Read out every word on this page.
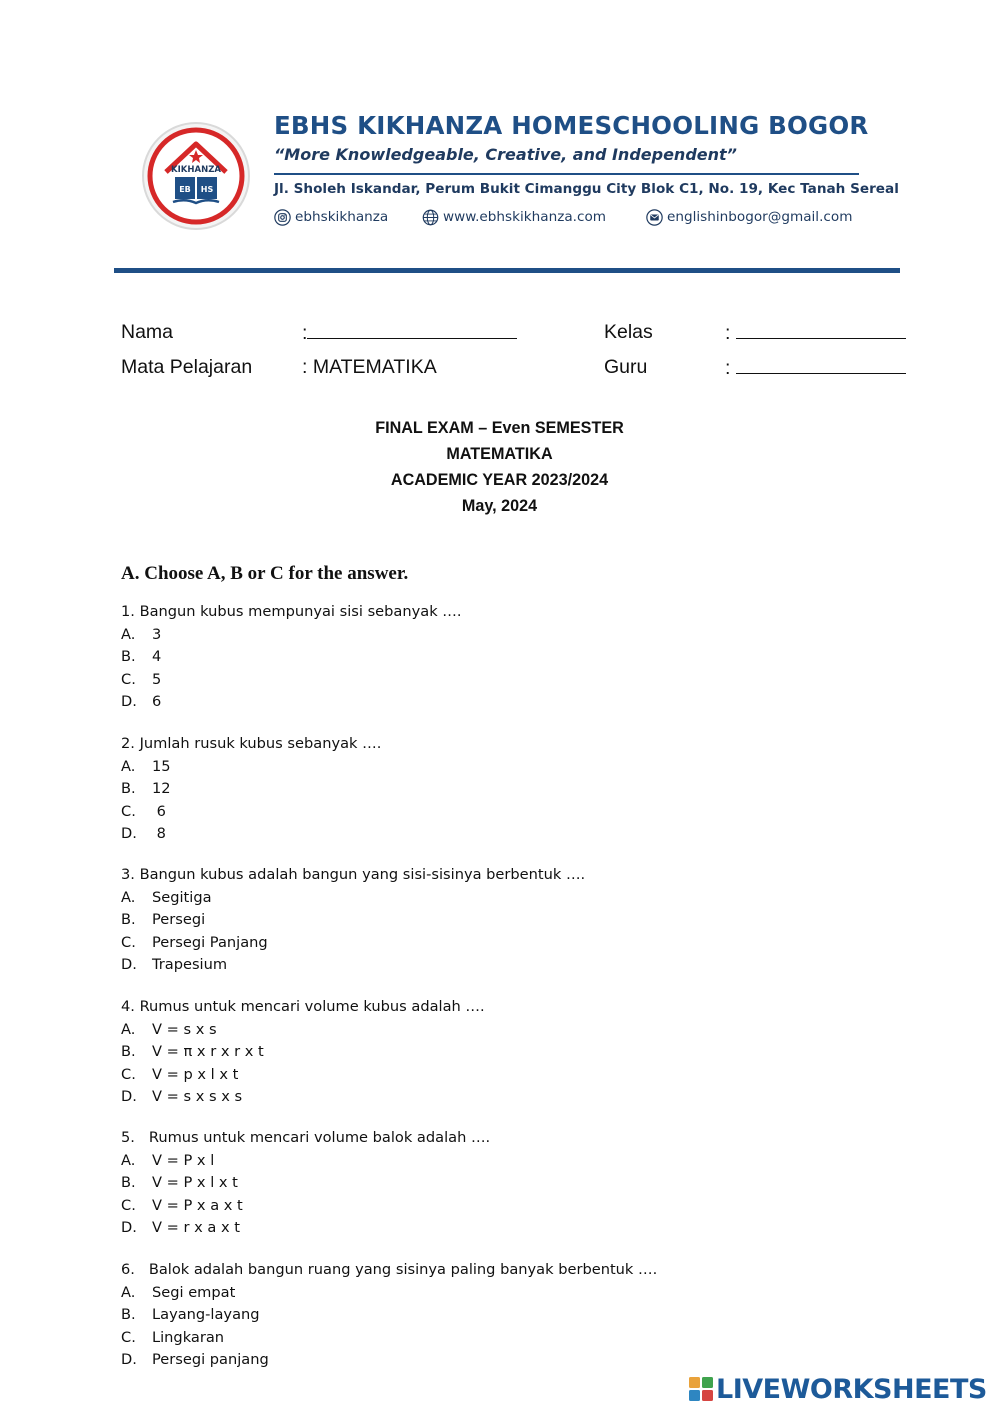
KIKHANZA
EB HS
EBHS KIKHANZA HOMESCHOOLING BOGOR
“More Knowledgeable, Creative, and Independent”
Jl. Sholeh Iskandar, Perum Bukit Cimanggu City Blok C1, No. 19, Kec Tanah Sereal
ebhskikhanza	www.ebhskikhanza.com	englishinbogor@gmail.com
Nama	:	Kelas	:
Mata Pelajaran	: MATEMATIKA	Guru	:
FINAL EXAM – Even SEMESTER
MATEMATIKA
ACADEMIC YEAR 2023/2024
May, 2024
A. Choose A, B or C for the answer.
1. Bangun kubus mempunyai sisi sebanyak ….
A.	3
B.	4
C.	5
D.	6
2. Jumlah rusuk kubus sebanyak ….
A.	15
B.	12
C.	6
D.	8
3. Bangun kubus adalah bangun yang sisi-sisinya berbentuk ….
A.	Segitiga
B.	Persegi
C.	Persegi Panjang
D.	Trapesium
4. Rumus untuk mencari volume kubus adalah ….
A.	V = s x s
B.	V = π x r x r x t
C.	V = p x l x t
D.	V = s x s x s
5.   Rumus untuk mencari volume balok adalah ….
A.	V = P x l
B.	V = P x l x t
C.	V = P x a x t
D.	V = r x a x t
6.   Balok adalah bangun ruang yang sisinya paling banyak berbentuk ….
A.	Segi empat
B.	Layang-layang
C.	Lingkaran
D.	Persegi panjang
LIVEWORKSHEETS
